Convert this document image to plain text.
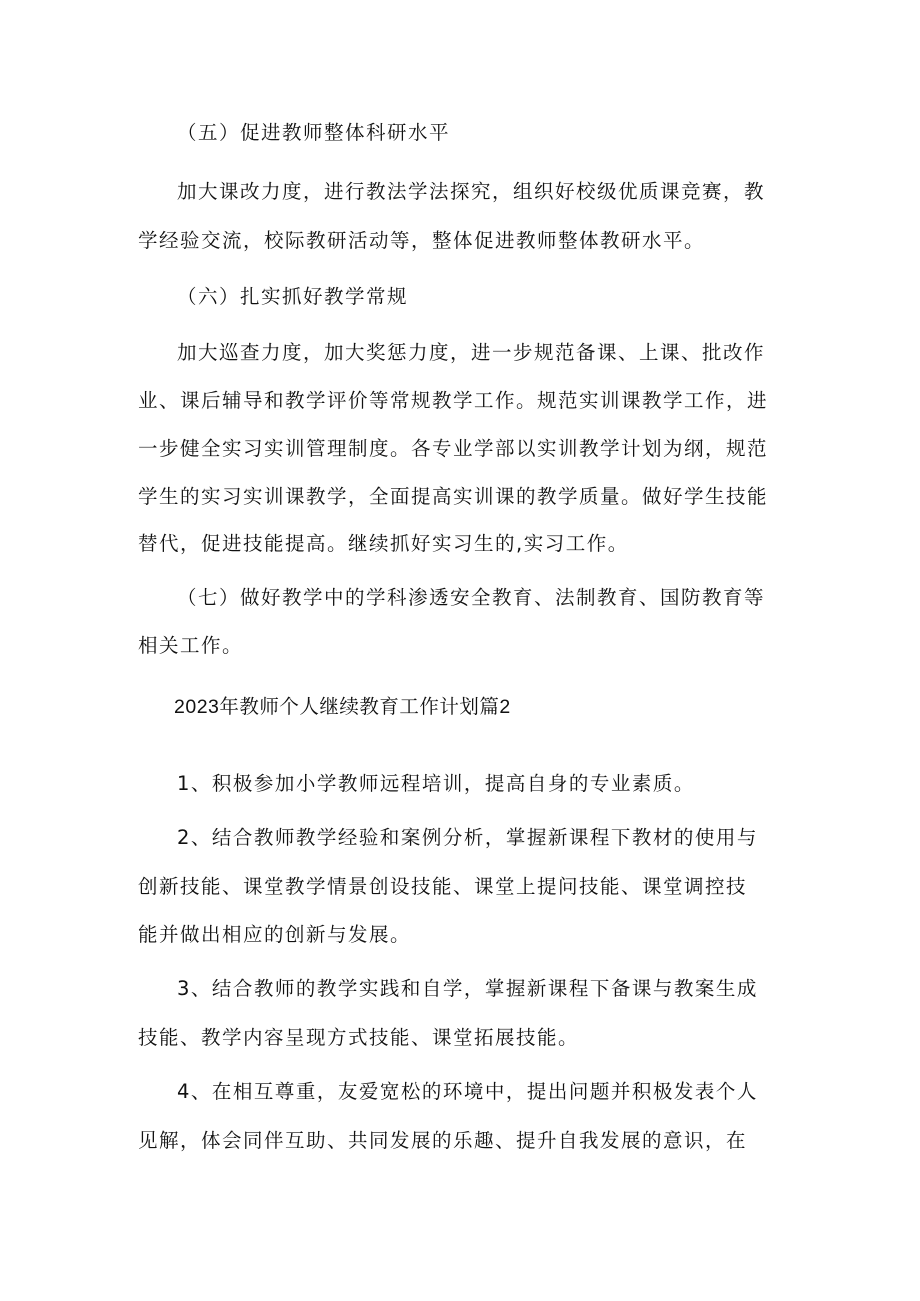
（五）促进教师整体科研水平
加大课改力度，进行教法学法探究，组织好校级优质课竞赛，教
学经验交流，校际教研活动等，整体促进教师整体教研水平。
（六）扎实抓好教学常规
加大巡查力度，加大奖惩力度，进一步规范备课、上课、批改作
业、课后辅导和教学评价等常规教学工作。规范实训课教学工作，进
一步健全实习实训管理制度。各专业学部以实训教学计划为纲，规范
学生的实习实训课教学，全面提高实训课的教学质量。做好学生技能
替代，促进技能提高。继续抓好实习生的,实习工作。
（七）做好教学中的学科渗透安全教育、法制教育、国防教育等
相关工作。
2023年教师个人继续教育工作计划篇2
1、积极参加小学教师远程培训，提高自身的专业素质。
2、结合教师教学经验和案例分析，掌握新课程下教材的使用与
创新技能、课堂教学情景创设技能、课堂上提问技能、课堂调控技
能并做出相应的创新与发展。
3、结合教师的教学实践和自学，掌握新课程下备课与教案生成
技能、教学内容呈现方式技能、课堂拓展技能。
4、在相互尊重，友爱宽松的环境中，提出问题并积极发表个人
见解，体会同伴互助、共同发展的乐趣、提升自我发展的意识，在
